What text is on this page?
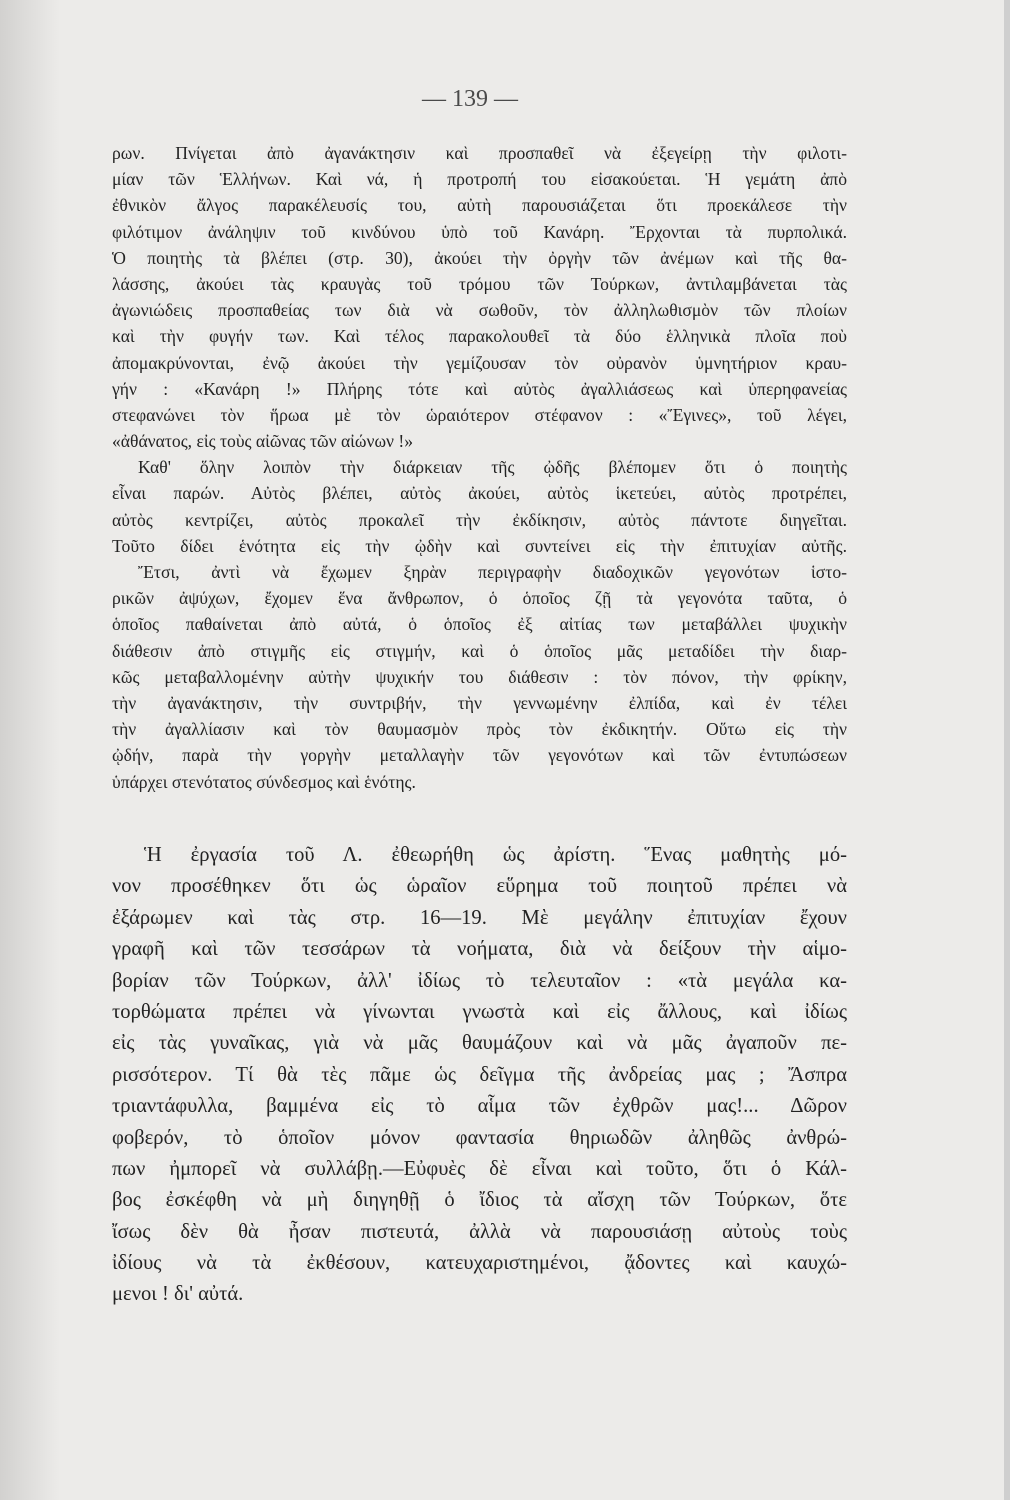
— 139 —
ρων. Πνίγεται ἀπὸ ἀγανάκτησιν καὶ προσπαθεῖ νὰ ἐξεγείρῃ τὴν φιλοτι-
μίαν τῶν Ἑλλήνων. Καὶ νά, ἡ προτροπή του εἰσακούεται. Ἡ γεμάτη ἀπὸ
ἐθνικὸν ἄλγος παρακέλευσίς του, αὐτὴ παρουσιάζεται ὅτι προεκάλεσε τὴν
φιλότιμον ἀνάληψιν τοῦ κινδύνου ὑπὸ τοῦ Κανάρη. Ἔρχονται τὰ πυρπολικά.
Ὁ ποιητὴς τὰ βλέπει (στρ. 30), ἀκούει τὴν ὀργὴν τῶν ἀνέμων καὶ τῆς θα-
λάσσης, ἀκούει τὰς κραυγὰς τοῦ τρόμου τῶν Τούρκων, ἀντιλαμβάνεται τὰς
ἀγωνιώδεις προσπαθείας των διὰ νὰ σωθοῦν, τὸν ἀλληλωθισμὸν τῶν πλοίων
καὶ τὴν φυγήν των. Καὶ τέλος παρακολουθεῖ τὰ δύο ἑλληνικὰ πλοῖα ποὺ
ἀπομακρύνονται, ἐνῷ ἀκούει τὴν γεμίζουσαν τὸν οὐρανὸν ὑμνητήριον κραυ-
γήν : «Κανάρη !» Πλήρης τότε καὶ αὐτὸς ἀγαλλιάσεως καὶ ὑπερηφανείας
στεφανώνει τὸν ἥρωα μὲ τὸν ὡραιότερον στέφανον : «Ἔγινες», τοῦ λέγει,
«ἀθάνατος, εἰς τοὺς αἰῶνας τῶν αἰώνων !»
Καθ' ὅλην λοιπὸν τὴν διάρκειαν τῆς ᾠδῆς βλέπομεν ὅτι ὁ ποιητὴς
εἶναι παρών. Αὐτὸς βλέπει, αὐτὸς ἀκούει, αὐτὸς ἱκετεύει, αὐτὸς προτρέπει,
αὐτὸς κεντρίζει, αὐτὸς προκαλεῖ τὴν ἐκδίκησιν, αὐτὸς πάντοτε διηγεῖται.
Τοῦτο δίδει ἑνότητα εἰς τὴν ᾠδὴν καὶ συντείνει εἰς τὴν ἐπιτυχίαν αὐτῆς.
Ἔτσι, ἀντὶ νὰ ἔχωμεν ξηρὰν περιγραφὴν διαδοχικῶν γεγονότων ἱστο-
ρικῶν ἀψύχων, ἔχομεν ἕνα ἄνθρωπον, ὁ ὁποῖος ζῇ τὰ γεγονότα ταῦτα, ὁ
ὁποῖος παθαίνεται ἀπὸ αὐτά, ὁ ὁποῖος ἐξ αἰτίας των μεταβάλλει ψυχικὴν
διάθεσιν ἀπὸ στιγμῆς εἰς στιγμήν, καὶ ὁ ὁποῖος μᾶς μεταδίδει τὴν διαρ-
κῶς μεταβαλλομένην αὐτὴν ψυχικήν του διάθεσιν : τὸν πόνον, τὴν φρίκην,
τὴν ἀγανάκτησιν, τὴν συντριβήν, τὴν γεννωμένην ἐλπίδα, καὶ ἐν τέλει
τὴν ἀγαλλίασιν καὶ τὸν θαυμασμὸν πρὸς τὸν ἐκδικητήν. Οὕτω εἰς τὴν
ᾠδήν, παρὰ τὴν γοργὴν μεταλλαγὴν τῶν γεγονότων καὶ τῶν ἐντυπώσεων
ὑπάρχει στενότατος σύνδεσμος καὶ ἑνότης.
Ἡ ἐργασία τοῦ Λ. ἐθεωρήθη ὡς ἀρίστη. Ἕνας μαθητὴς μό-
νον προσέθηκεν ὅτι ὡς ὡραῖον εὕρημα τοῦ ποιητοῦ πρέπει νὰ
ἐξάρωμεν καὶ τὰς στρ. 16—19. Μὲ μεγάλην ἐπιτυχίαν ἔχουν
γραφῆ καὶ τῶν τεσσάρων τὰ νοήματα, διὰ νὰ δείξουν τὴν αἱμο-
βορίαν τῶν Τούρκων, ἀλλ' ἰδίως τὸ τελευταῖον : «τὰ μεγάλα κα-
τορθώματα πρέπει νὰ γίνωνται γνωστὰ καὶ εἰς ἄλλους, καὶ ἰδίως
εἰς τὰς γυναῖκας, γιὰ νὰ μᾶς θαυμάζουν καὶ νὰ μᾶς ἀγαποῦν πε-
ρισσότερον. Τί θὰ τὲς πᾶμε ὡς δεῖγμα τῆς ἀνδρείας μας ; Ἄσπρα
τριαντάφυλλα, βαμμένα εἰς τὸ αἷμα τῶν ἐχθρῶν μας!... Δῶρον
φοβερόν, τὸ ὁποῖον μόνον φαντασία θηριωδῶν ἀληθῶς ἀνθρώ-
πων ἠμπορεῖ νὰ συλλάβῃ.—Εὐφυὲς δὲ εἶναι καὶ τοῦτο, ὅτι ὁ Κάλ-
βος ἐσκέφθη νὰ μὴ διηγηθῇ ὁ ἴδιος τὰ αἴσχη τῶν Τούρκων, ὅτε
ἴσως δὲν θὰ ἦσαν πιστευτά, ἀλλὰ νὰ παρουσιάσῃ αὐτοὺς τοὺς
ἰδίους νὰ τὰ ἐκθέσουν, κατευχαριστημένοι, ᾄδοντες καὶ καυχώ-
μενοι ! δι' αὐτά.
